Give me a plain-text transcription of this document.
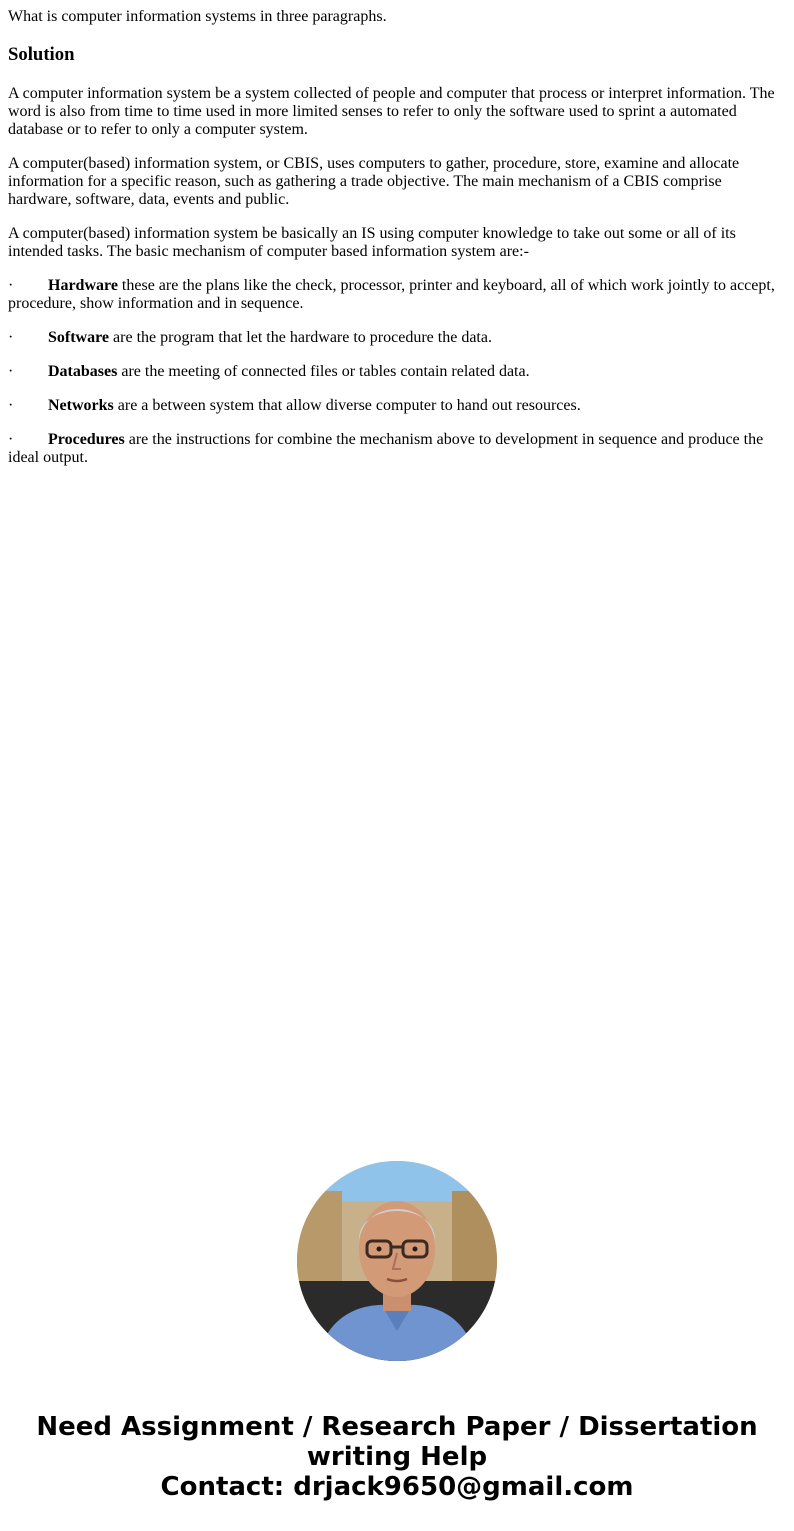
What is computer information systems in three paragraphs.

Solution

A computer information system be a system collected of people and computer that process or interpret information. The word is also from time to time used in more limited senses to refer to only the software used to sprint a automated database or to refer to only a computer system.

A computer(based) information system, or CBIS, uses computers to gather, procedure, store, examine and allocate information for a specific reason, such as gathering a trade objective. The main mechanism of a CBIS comprise hardware, software, data, events and public.

A computer(based) information system be basically an IS using computer knowledge to take out some or all of its intended tasks. The basic mechanism of computer based information system are:-

· Hardware these are the plans like the check, processor, printer and keyboard, all of which work jointly to accept, procedure, show information and in sequence.

· Software are the program that let the hardware to procedure the data.

· Databases are the meeting of connected files or tables contain related data.

· Networks are a between system that allow diverse computer to hand out resources.

· Procedures are the instructions for combine the mechanism above to development in sequence and produce the ideal output.

Need Assignment / Research Paper / Dissertation
writing Help
Contact: drjack9650@gmail.com
